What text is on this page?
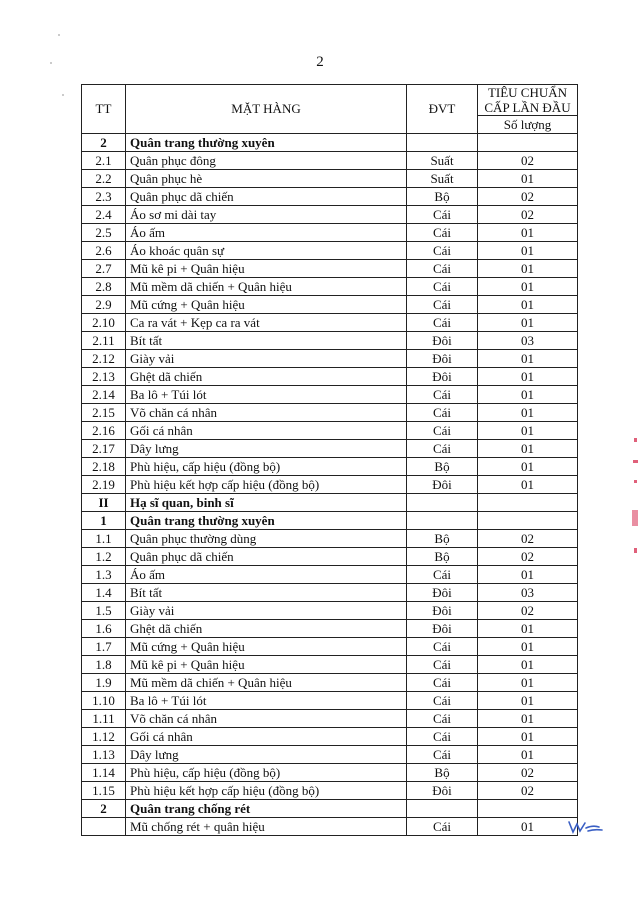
2
TT	MẶT HÀNG	ĐVT	TIÊU CHUẨN CẤP LẦN ĐẦU
			Số lượng
2	Quân trang thường xuyên		
2.1	Quân phục đông	Suất	02
2.2	Quân phục hè	Suất	01
2.3	Quân phục dã chiến	Bộ	02
2.4	Áo sơ mi dài tay	Cái	02
2.5	Áo ấm	Cái	01
2.6	Áo khoác quân sự	Cái	01
2.7	Mũ kê pi + Quân hiệu	Cái	01
2.8	Mũ mềm dã chiến + Quân hiệu	Cái	01
2.9	Mũ cứng + Quân hiệu	Cái	01
2.10	Ca ra vát + Kẹp ca ra vát	Cái	01
2.11	Bít tất	Đôi	03
2.12	Giày vải	Đôi	01
2.13	Ghệt dã chiến	Đôi	01
2.14	Ba lô + Túi lót	Cái	01
2.15	Võ chăn cá nhân	Cái	01
2.16	Gối cá nhân	Cái	01
2.17	Dây lưng	Cái	01
2.18	Phù hiệu, cấp hiệu (đồng bộ)	Bộ	01
2.19	Phù hiệu kết hợp cấp hiệu (đồng bộ)	Đôi	01
II	Hạ sĩ quan, binh sĩ		
1	Quân trang thường xuyên		
1.1	Quân phục thường dùng	Bộ	02
1.2	Quân phục dã chiến	Bộ	02
1.3	Áo ấm	Cái	01
1.4	Bít tất	Đôi	03
1.5	Giày vải	Đôi	02
1.6	Ghệt dã chiến	Đôi	01
1.7	Mũ cứng + Quân hiệu	Cái	01
1.8	Mũ kê pi + Quân hiệu	Cái	01
1.9	Mũ mềm dã chiến + Quân hiệu	Cái	01
1.10	Ba lô + Túi lót	Cái	01
1.11	Võ chăn cá nhân	Cái	01
1.12	Gối cá nhân	Cái	01
1.13	Dây lưng	Cái	01
1.14	Phù hiệu, cấp hiệu (đồng bộ)	Bộ	02
1.15	Phù hiệu kết hợp cấp hiệu (đồng bộ)	Đôi	02
2	Quân trang chống rét		
	Mũ chống rét + quân hiệu	Cái	01
